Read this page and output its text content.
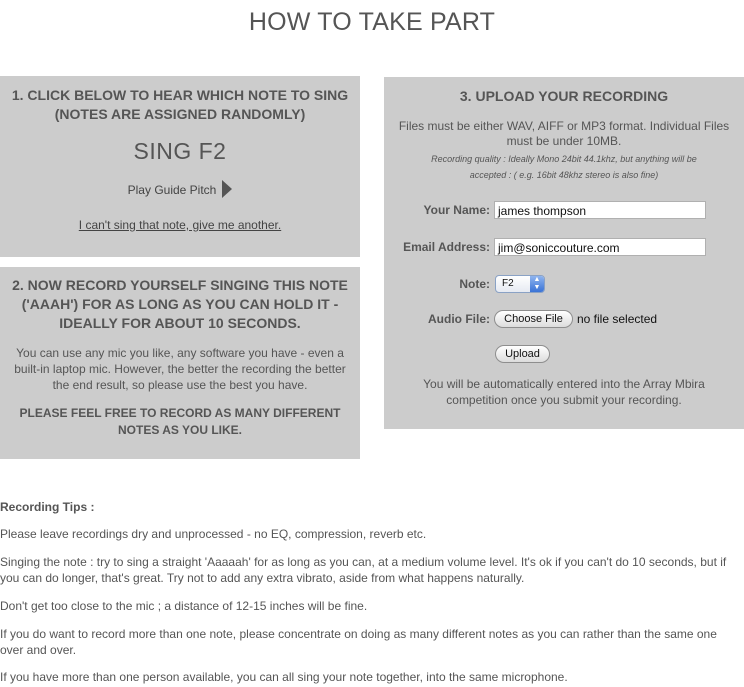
HOW TO TAKE PART
1. CLICK BELOW TO HEAR WHICH NOTE TO SING
(NOTES ARE ASSIGNED RANDOMLY)
SING F2
Play Guide Pitch
I can't sing that note, give me another.
2. NOW RECORD YOURSELF SINGING THIS NOTE
('AAAH') FOR AS LONG AS YOU CAN HOLD IT -
IDEALLY FOR ABOUT 10 SECONDS.
You can use any mic you like, any software you have - even a
built-in laptop mic. However, the better the recording the better
the end result, so please use the best you have.
PLEASE FEEL FREE TO RECORD AS MANY DIFFERENT
NOTES AS YOU LIKE.
3. UPLOAD YOUR RECORDING
Files must be either WAV, AIFF or MP3 format. Individual Files
must be under 10MB.
Recording quality : Ideally Mono 24bit 44.1khz, but anything will be
accepted : ( e.g. 16bit 48khz stereo is also fine)
Your Name: james thompson
Email Address: jim@soniccouture.com
Note:	F2	▲
▼
Audio File:	Choose File	no file selected
Upload
You will be automatically entered into the Array Mbira
competition once you submit your recording.
Recording Tips :
Please leave recordings dry and unprocessed - no EQ, compression, reverb etc.
Singing the note : try to sing a straight 'Aaaaah' for as long as you can, at a medium volume level. It's ok if you can't do 10 seconds, but if
you can do longer, that's great. Try not to add any extra vibrato, aside from what happens naturally.
Don't get too close to the mic ; a distance of 12-15 inches will be fine.
If you do want to record more than one note, please concentrate on doing as many different notes as you can rather than the same one
over and over.
If you have more than one person available, you can all sing your note together, into the same microphone.
